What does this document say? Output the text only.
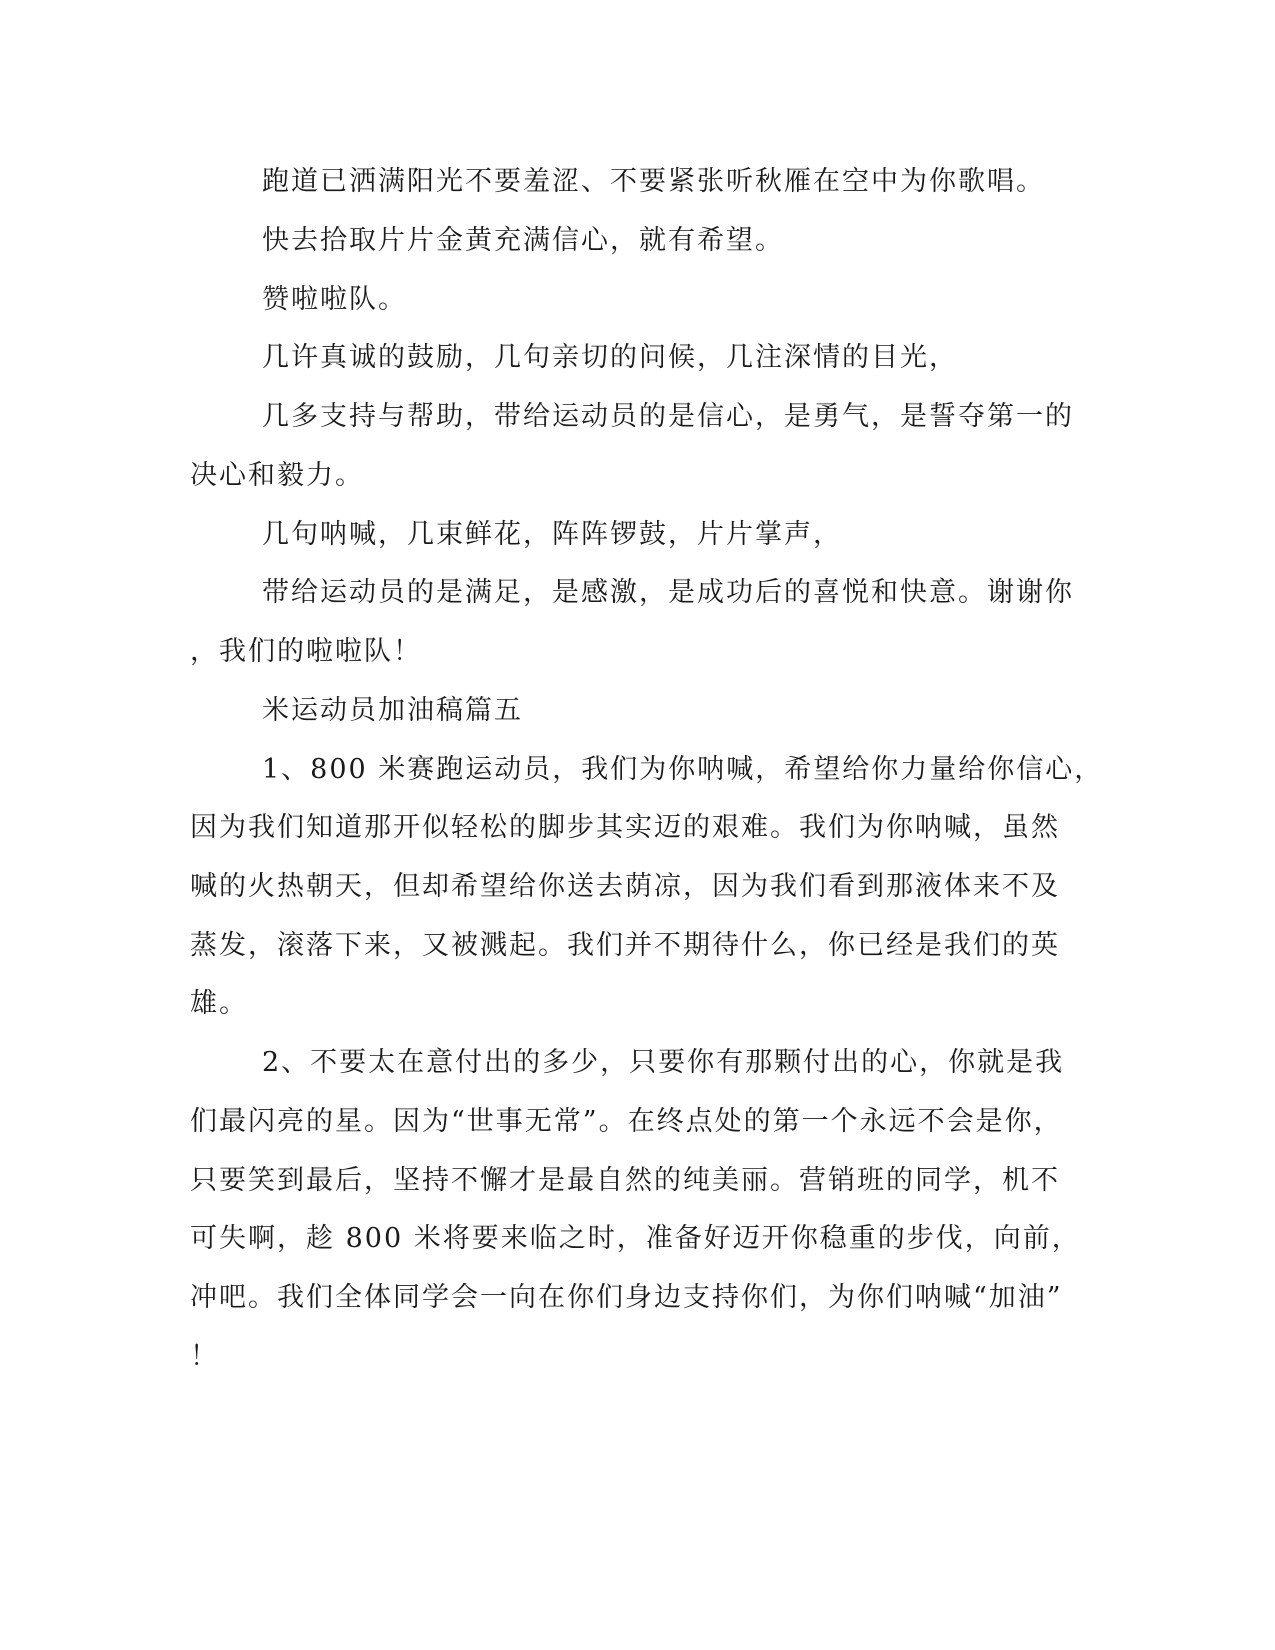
跑道已洒满阳光不要羞涩、不要紧张听秋雁在空中为你歌唱。
快去拾取片片金黄充满信心，就有希望。
赞啦啦队。
几许真诚的鼓励，几句亲切的问候，几注深情的目光，
几多支持与帮助，带给运动员的是信心，是勇气，是誓夺第一的
决心和毅力。
几句呐喊，几束鲜花，阵阵锣鼓，片片掌声，
带给运动员的是满足，是感激，是成功后的喜悦和快意。谢谢你
，我们的啦啦队！
米运动员加油稿篇五
1、800 米赛跑运动员，我们为你呐喊，希望给你力量给你信心，
因为我们知道那开似轻松的脚步其实迈的艰难。我们为你呐喊，虽然
喊的火热朝天，但却希望给你送去荫凉，因为我们看到那液体来不及
蒸发，滚落下来，又被溅起。我们并不期待什么，你已经是我们的英
雄。
2、不要太在意付出的多少，只要你有那颗付出的心，你就是我
们最闪亮的星。因为“世事无常”。在终点处的第一个永远不会是你，
只要笑到最后，坚持不懈才是最自然的纯美丽。营销班的同学，机不
可失啊，趁 800 米将要来临之时，准备好迈开你稳重的步伐，向前，
冲吧。我们全体同学会一向在你们身边支持你们，为你们呐喊“加油”
！
